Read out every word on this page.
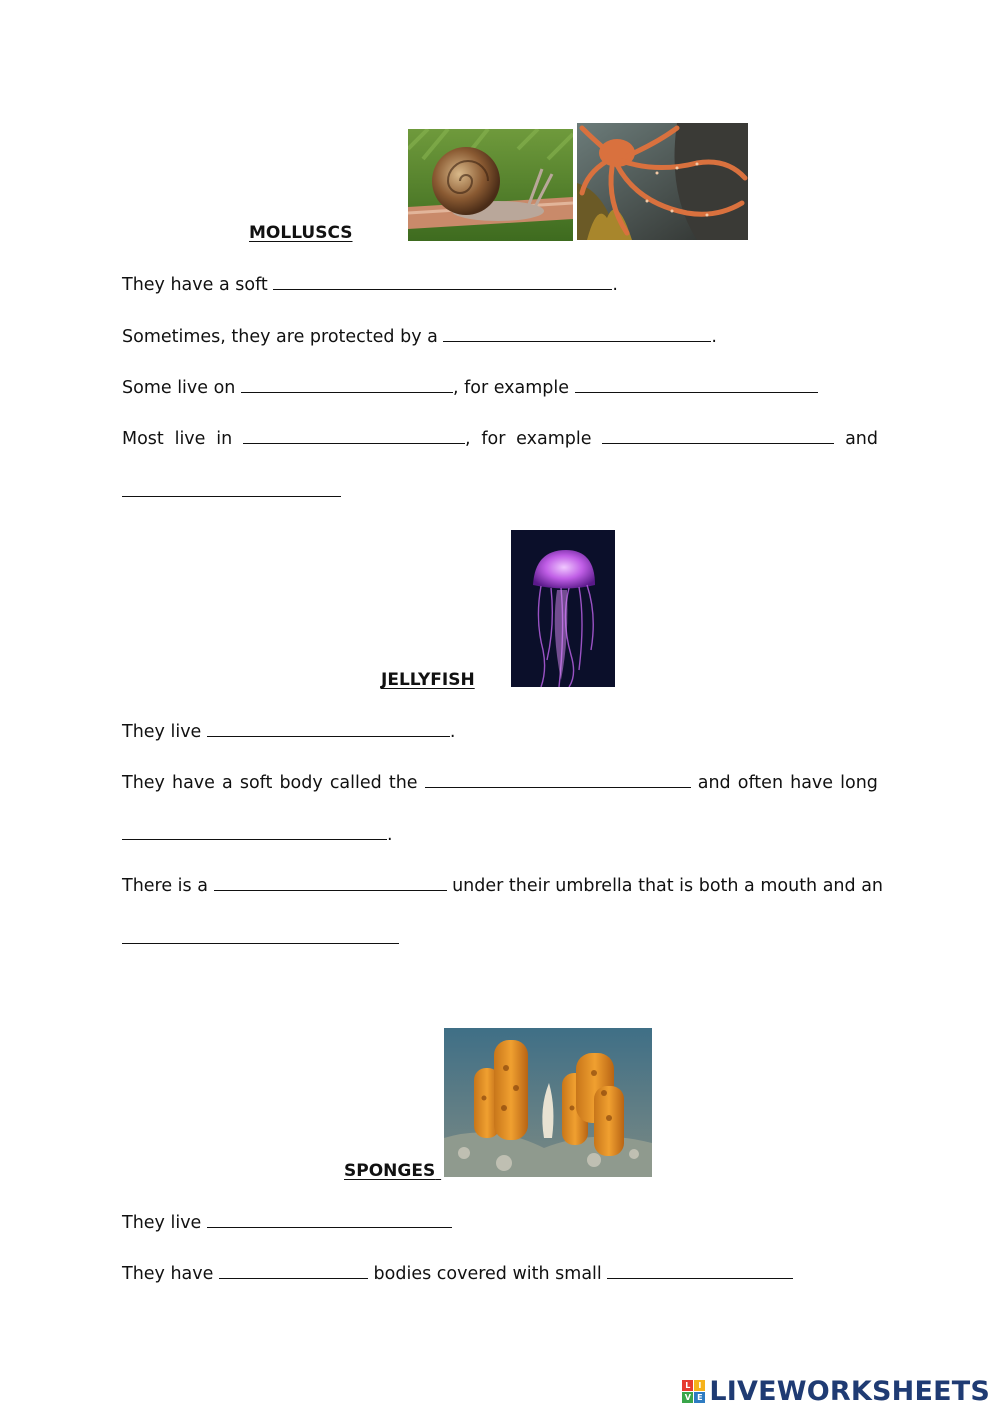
MOLLUSCS
They have a soft	.
Sometimes, they are protected by a	.
Some live on	, for example
Most live in	, for example	and
JELLYFISH
They live	.
They have a soft body called the	and often have long
.
There is a	under their umbrella that is both a mouth and an
SPONGES
They live
They have	bodies covered with small
L I
V E LIVEWORKSHEETS
